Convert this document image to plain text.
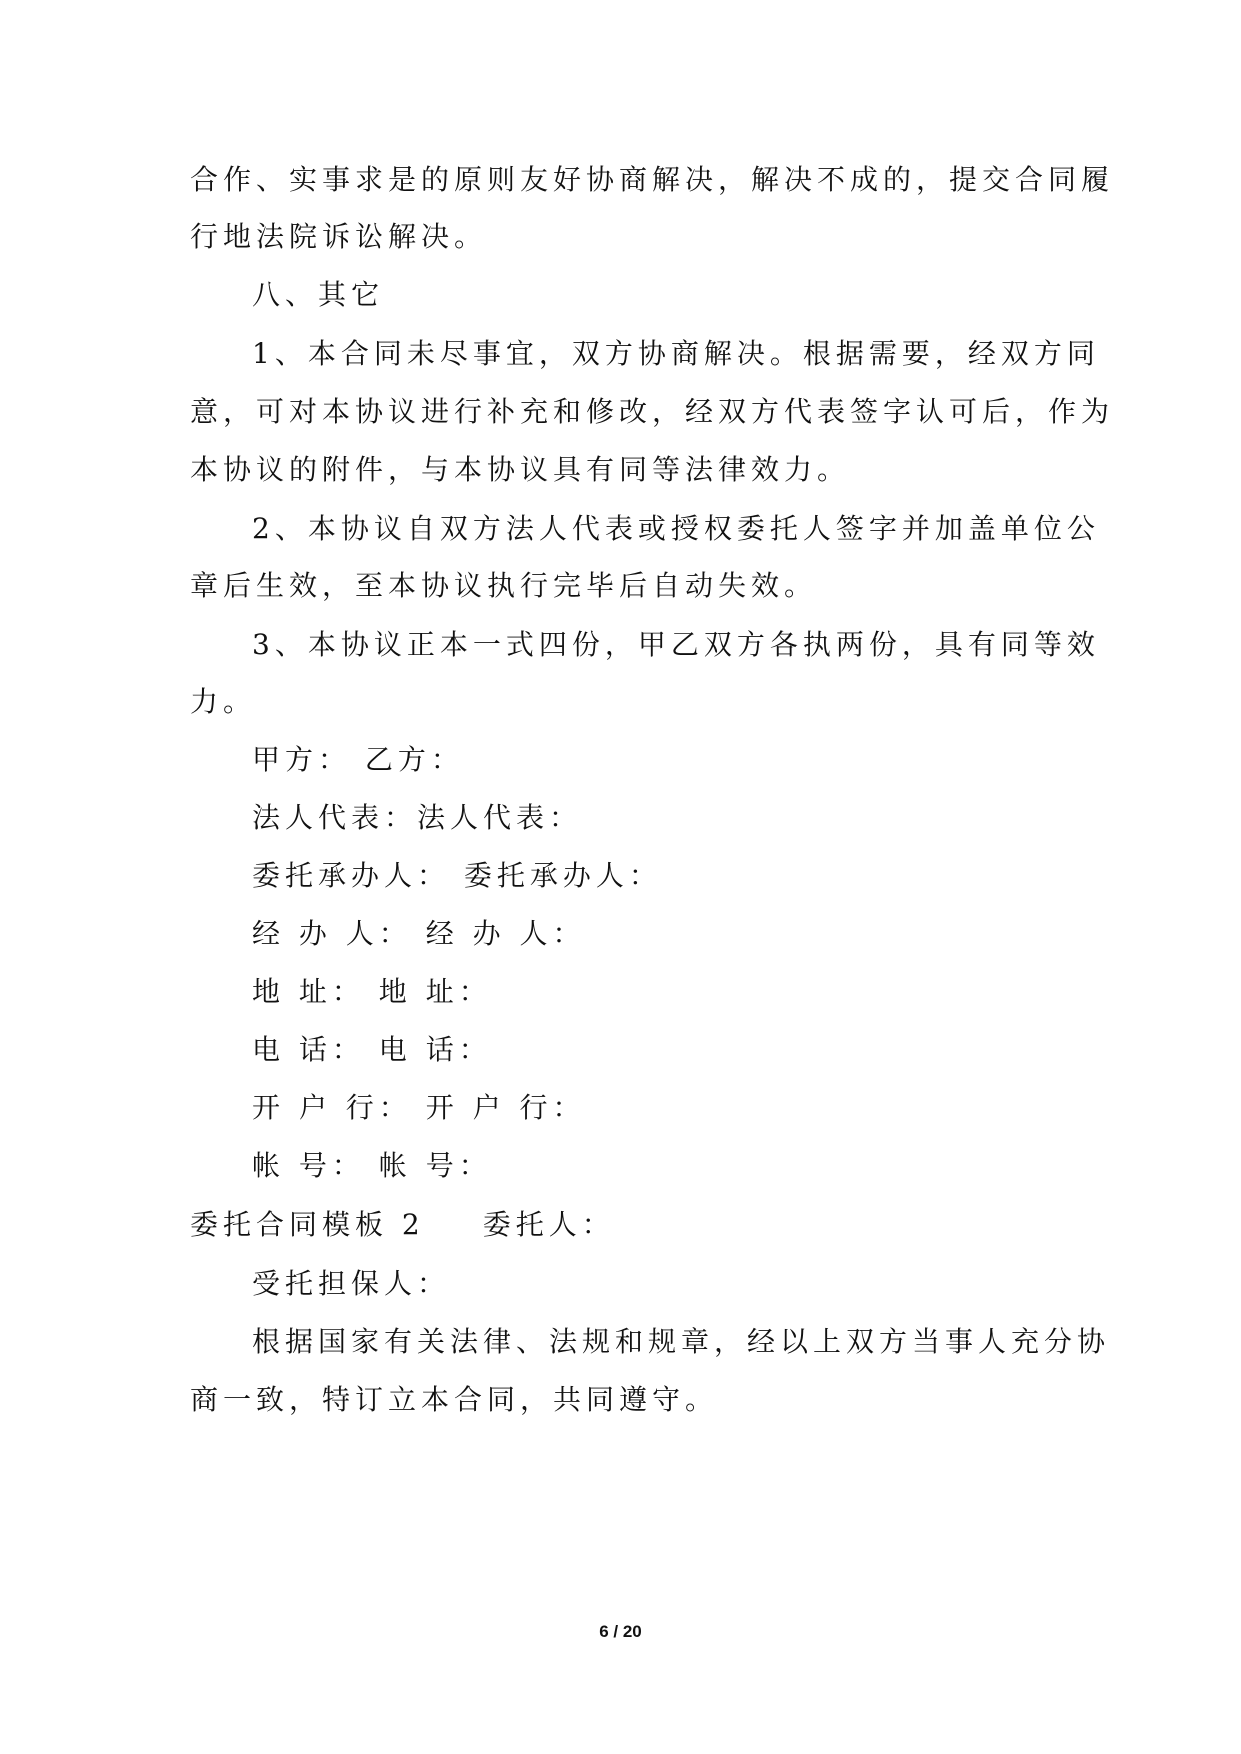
合作、实事求是的原则友好协商解决，解决不成的，提交合同履
行地法院诉讼解决。
八、其它
1、本合同未尽事宜，双方协商解决。根据需要，经双方同
意，可对本协议进行补充和修改，经双方代表签字认可后，作为
本协议的附件，与本协议具有同等法律效力。
2、本协议自双方法人代表或授权委托人签字并加盖单位公
章后生效，至本协议执行完毕后自动失效。
3、本协议正本一式四份，甲乙双方各执两份，具有同等效
力。
甲方： 乙方：
法人代表：法人代表：
委托承办人： 委托承办人：
经 办 人： 经 办 人：
地 址： 地 址：
电 话： 电 话：
开 户 行： 开 户 行：
帐 号： 帐 号：
委托合同模板 2 委托人：
受托担保人：
根据国家有关法律、法规和规章，经以上双方当事人充分协
商一致，特订立本合同，共同遵守。
6 / 20
